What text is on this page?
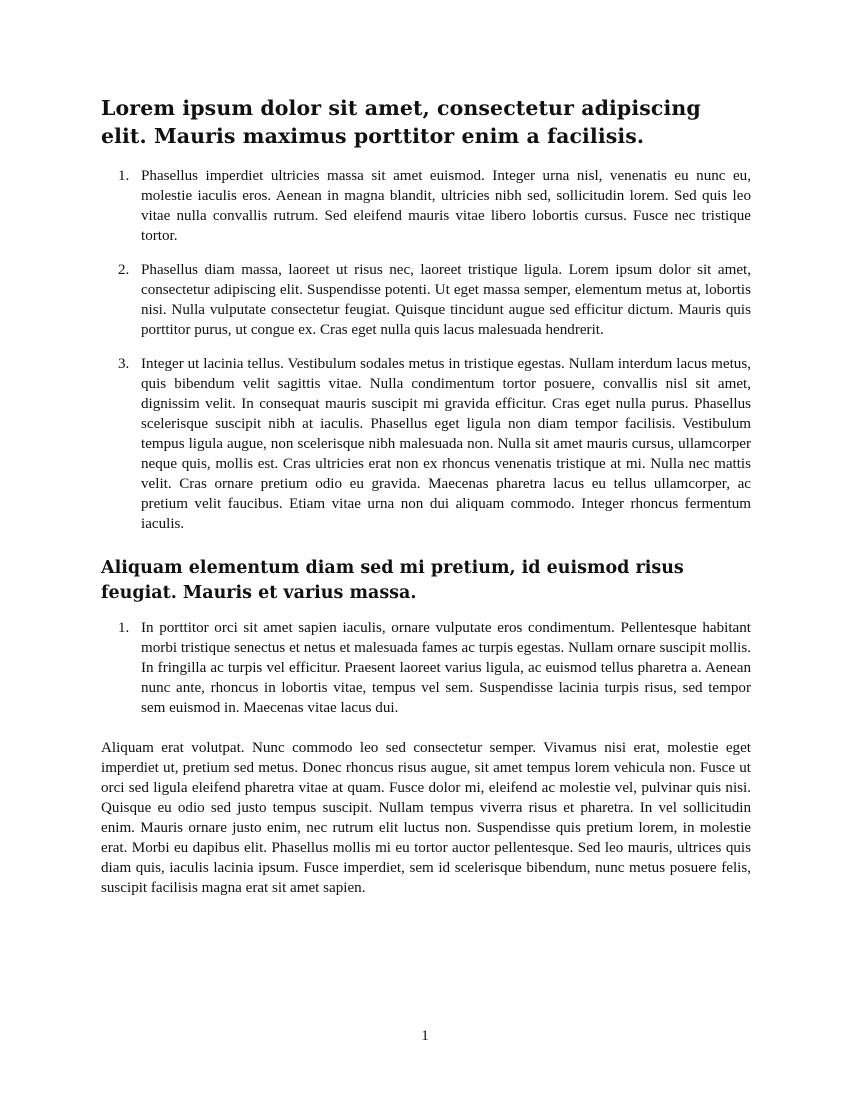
Lorem ipsum dolor sit amet, consectetur adipiscing elit. Mauris maximus porttitor enim a facilisis.
1. Phasellus imperdiet ultricies massa sit amet euismod. Integer urna nisl, venenatis eu nunc eu, molestie iaculis eros. Aenean in magna blandit, ultricies nibh sed, sollicitudin lorem. Sed quis leo vitae nulla convallis rutrum. Sed eleifend mauris vitae libero lobortis cursus. Fusce nec tristique tortor.

2. Phasellus diam massa, laoreet ut risus nec, laoreet tristique ligula. Lorem ipsum dolor sit amet, consectetur adipiscing elit. Suspendisse potenti. Ut eget massa semper, elementum metus at, lobortis nisi. Nulla vulputate consectetur feugiat. Quisque tincidunt augue sed efficitur dictum. Mauris quis porttitor purus, ut congue ex. Cras eget nulla quis lacus malesuada hendrerit.

3. Integer ut lacinia tellus. Vestibulum sodales metus in tristique egestas. Nullam interdum lacus metus, quis bibendum velit sagittis vitae. Nulla condimentum tortor posuere, convallis nisl sit amet, dignissim velit. In consequat mauris suscipit mi gravida efficitur. Cras eget nulla purus. Phasellus scelerisque suscipit nibh at iaculis. Phasellus eget ligula non diam tempor facilisis. Vestibulum tempus ligula augue, non scelerisque nibh malesuada non. Nulla sit amet mauris cursus, ullamcorper neque quis, mollis est. Cras ultricies erat non ex rhoncus venenatis tristique at mi. Nulla nec mattis velit. Cras ornare pretium odio eu gravida. Maecenas pharetra lacus eu tellus ullamcorper, ac pretium velit faucibus. Etiam vitae urna non dui aliquam commodo. Integer rhoncus fermentum iaculis.

Aliquam elementum diam sed mi pretium, id euismod risus feugiat. Mauris et varius massa.
1. In porttitor orci sit amet sapien iaculis, ornare vulputate eros condimentum. Pellentesque habitant morbi tristique senectus et netus et malesuada fames ac turpis egestas. Nullam ornare suscipit mollis. In fringilla ac turpis vel efficitur. Praesent laoreet varius ligula, ac euismod tellus pharetra a. Aenean nunc ante, rhoncus in lobortis vitae, tempus vel sem. Suspendisse lacinia turpis risus, sed tempor sem euismod in. Maecenas vitae lacus dui.

Aliquam erat volutpat. Nunc commodo leo sed consectetur semper. Vivamus nisi erat, molestie eget imperdiet ut, pretium sed metus. Donec rhoncus risus augue, sit amet tempus lorem vehicula non. Fusce ut orci sed ligula eleifend pharetra vitae at quam. Fusce dolor mi, eleifend ac molestie vel, pulvinar quis nisi. Quisque eu odio sed justo tempus suscipit. Nullam tempus viverra risus et pharetra. In vel sollicitudin enim. Mauris ornare justo enim, nec rutrum elit luctus non. Suspendisse quis pretium lorem, in molestie erat. Morbi eu dapibus elit. Phasellus mollis mi eu tortor auctor pellentesque. Sed leo mauris, ultrices quis diam quis, iaculis lacinia ipsum. Fusce imperdiet, sem id scelerisque bibendum, nunc metus posuere felis, suscipit facilisis magna erat sit amet sapien.

1
